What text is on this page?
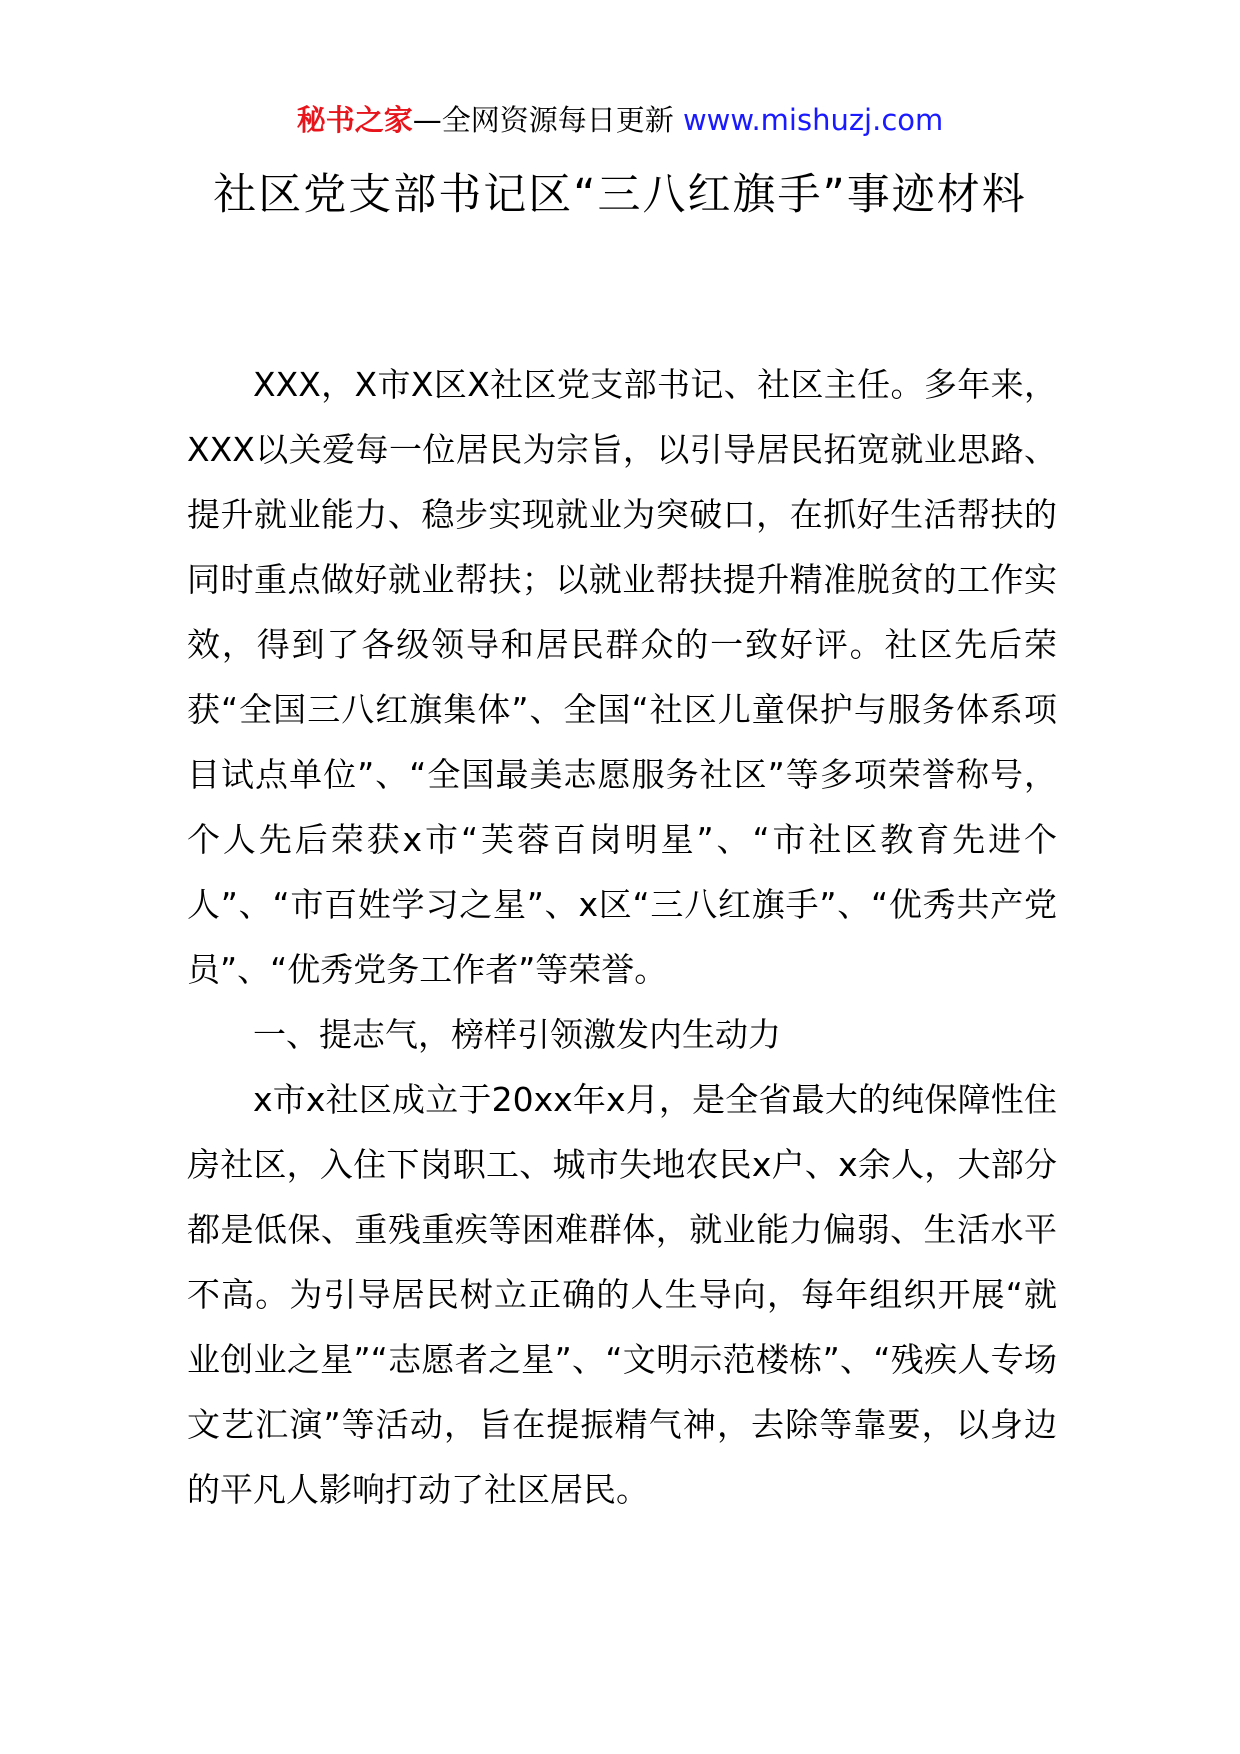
秘书之家—全网资源每日更新 www.mishuzj.com
社区党支部书记区“三八红旗手”事迹材料

XXX，X市X区X社区党支部书记、社区主任。多年来，XXX以关爱每一位居民为宗旨，以引导居民拓宽就业思路、提升就业能力、稳步实现就业为突破口，在抓好生活帮扶的同时重点做好就业帮扶；以就业帮扶提升精准脱贫的工作实效，得到了各级领导和居民群众的一致好评。社区先后荣获“全国三八红旗集体”、全国“社区儿童保护与服务体系项目试点单位”、“全国最美志愿服务社区”等多项荣誉称号，个人先后荣获x市“芙蓉百岗明星”、“市社区教育先进个人”、“市百姓学习之星”、x区“三八红旗手”、“优秀共产党员”、“优秀党务工作者”等荣誉。

一、提志气，榜样引领激发内生动力

x市x社区成立于20xx年x月，是全省最大的纯保障性住房社区，入住下岗职工、城市失地农民x户、x余人，大部分都是低保、重残重疾等困难群体，就业能力偏弱、生活水平不高。为引导居民树立正确的人生导向，每年组织开展“就业创业之星”“志愿者之星”、“文明示范楼栋”、“残疾人专场文艺汇演”等活动，旨在提振精气神，去除等靠要，以身边的平凡人影响打动了社区居民。
